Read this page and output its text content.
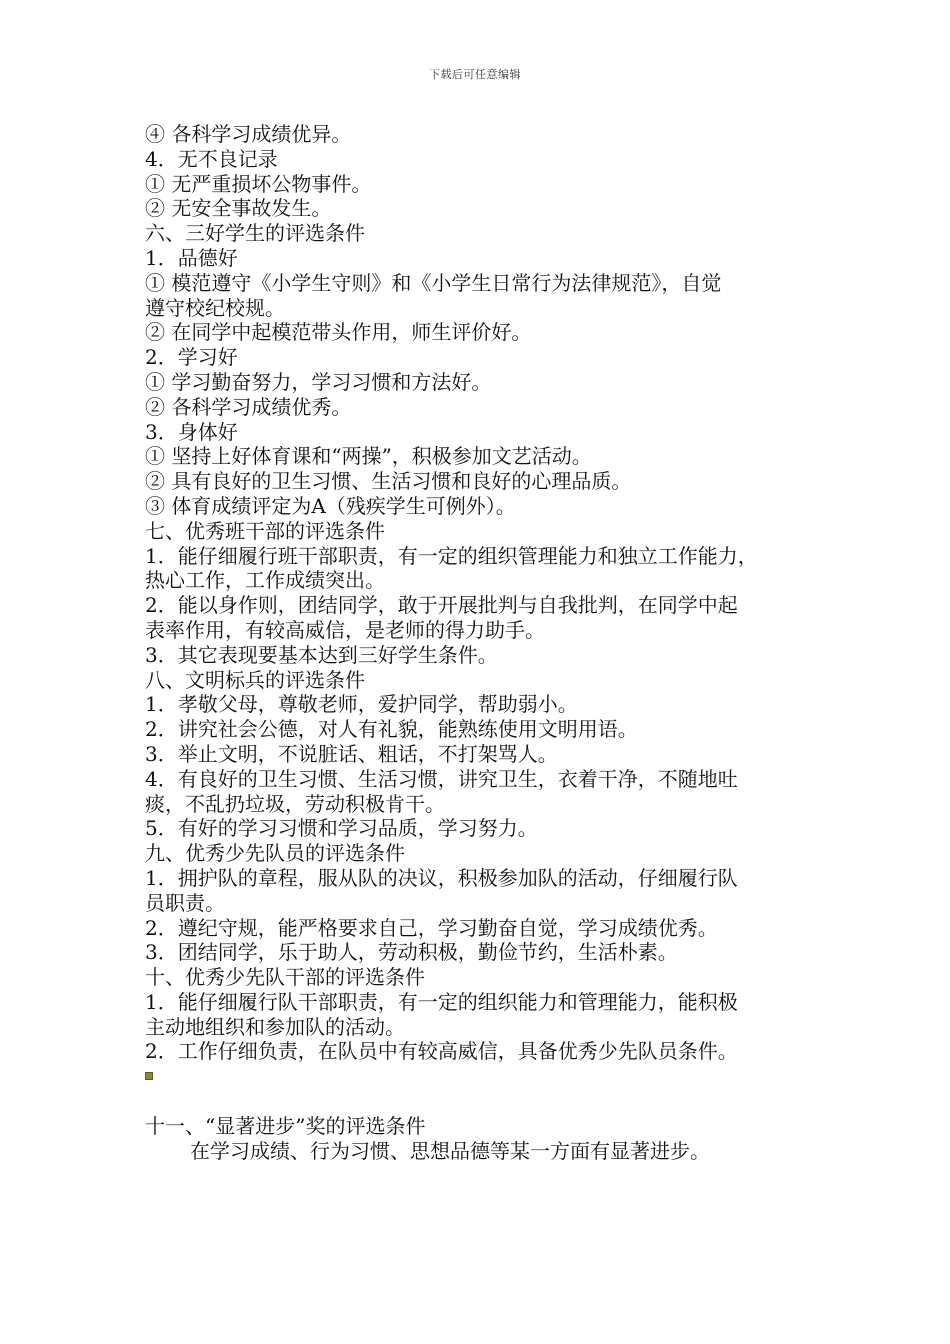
下载后可任意编辑
④ 各科学习成绩优异。
4．无不良记录
① 无严重损坏公物事件。
② 无安全事故发生。
六、三好学生的评选条件
1．品德好
① 模范遵守《小学生守则》和《小学生日常行为法律规范》，自觉
遵守校纪校规。
② 在同学中起模范带头作用，师生评价好。
2．学习好
① 学习勤奋努力，学习习惯和方法好。
② 各科学习成绩优秀。
3．身体好
① 坚持上好体育课和“两操”，积极参加文艺活动。
② 具有良好的卫生习惯、生活习惯和良好的心理品质。
③ 体育成绩评定为A（残疾学生可例外）。
七、优秀班干部的评选条件
1．能仔细履行班干部职责，有一定的组织管理能力和独立工作能力，
热心工作，工作成绩突出。
2．能以身作则，团结同学，敢于开展批判与自我批判，在同学中起
表率作用，有较高威信，是老师的得力助手。
3．其它表现要基本达到三好学生条件。
八、文明标兵的评选条件
1．孝敬父母，尊敬老师，爱护同学，帮助弱小。
2．讲究社会公德，对人有礼貌，能熟练使用文明用语。
3．举止文明，不说脏话、粗话，不打架骂人。
4．有良好的卫生习惯、生活习惯，讲究卫生，衣着干净，不随地吐
痰，不乱扔垃圾，劳动积极肯干。
5．有好的学习习惯和学习品质，学习努力。
九、优秀少先队员的评选条件
1．拥护队的章程，服从队的决议，积极参加队的活动，仔细履行队
员职责。
2．遵纪守规，能严格要求自己，学习勤奋自觉，学习成绩优秀。
3．团结同学，乐于助人，劳动积极，勤俭节约，生活朴素。
十、优秀少先队干部的评选条件
1．能仔细履行队干部职责，有一定的组织能力和管理能力，能积极
主动地组织和参加队的活动。
2．工作仔细负责，在队员中有较高威信，具备优秀少先队员条件。
十一、“显著进步”奖的评选条件
在学习成绩、行为习惯、思想品德等某一方面有显著进步。
